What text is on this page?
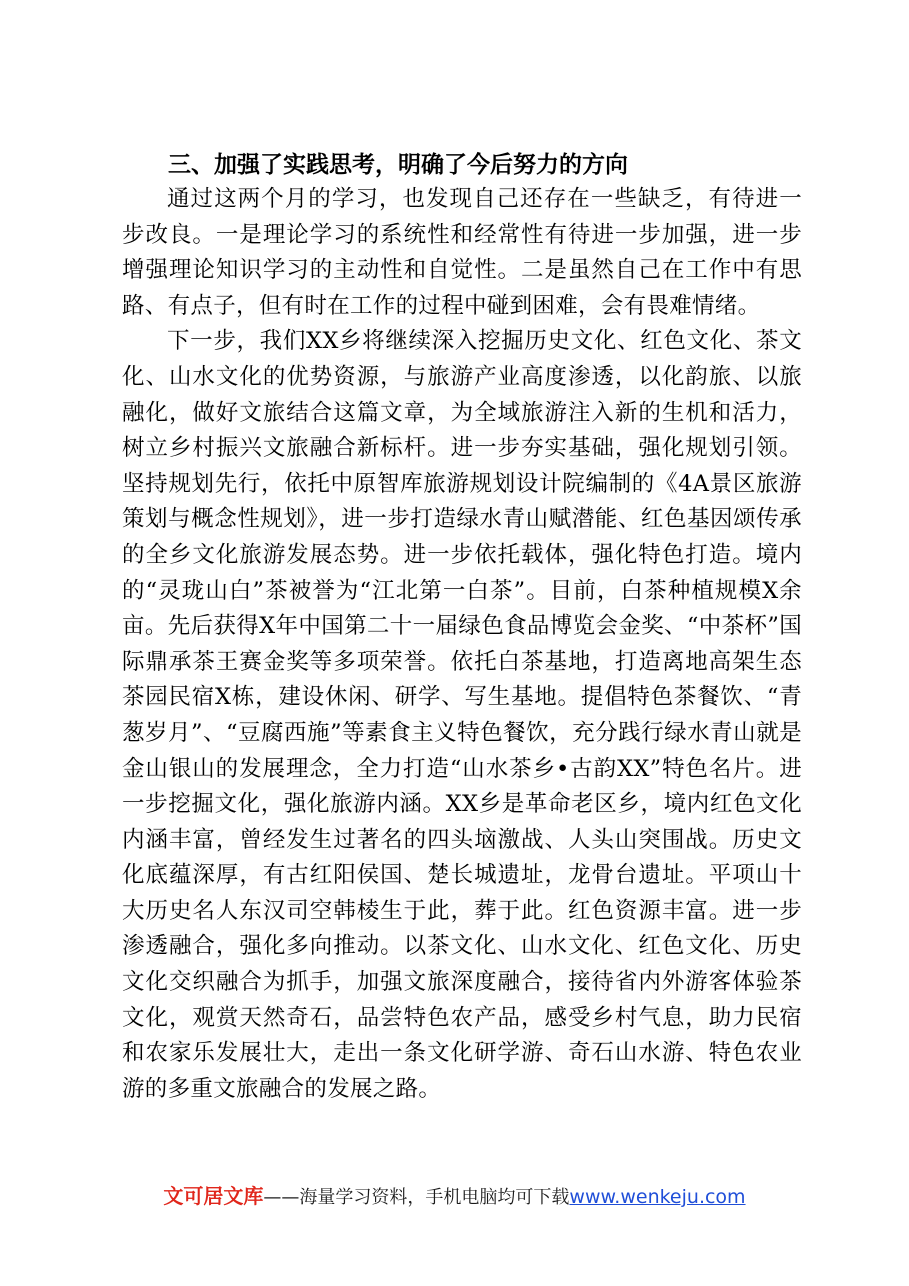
三、加强了实践思考，明确了今后努力的方向

通过这两个月的学习，也发现自己还存在一些缺乏，有待进一步改良。一是理论学习的系统性和经常性有待进一步加强，进一步增强理论知识学习的主动性和自觉性。二是虽然自己在工作中有思路、有点子，但有时在工作的过程中碰到困难，会有畏难情绪。

下一步，我们XX乡将继续深入挖掘历史文化、红色文化、茶文化、山水文化的优势资源，与旅游产业高度渗透，以化韵旅、以旅融化，做好文旅结合这篇文章，为全域旅游注入新的生机和活力，树立乡村振兴文旅融合新标杆。进一步夯实基础，强化规划引领。坚持规划先行，依托中原智库旅游规划设计院编制的《4A景区旅游策划与概念性规划》，进一步打造绿水青山赋潜能、红色基因颂传承的全乡文化旅游发展态势。进一步依托载体，强化特色打造。境内的“灵珑山白”茶被誉为“江北第一白茶”。目前，白茶种植规模X余亩。先后获得X年中国第二十一届绿色食品博览会金奖、“中茶杯”国际鼎承茶王赛金奖等多项荣誉。依托白茶基地，打造离地高架生态茶园民宿X栋，建设休闲、研学、写生基地。提倡特色茶餐饮、“青葱岁月”、“豆腐西施”等素食主义特色餐饮，充分践行绿水青山就是金山银山的发展理念，全力打造“山水茶乡•古韵XX”特色名片。进一步挖掘文化，强化旅游内涵。XX乡是革命老区乡，境内红色文化内涵丰富，曾经发生过著名的四头垴激战、人头山突围战。历史文化底蕴深厚，有古红阳侯国、楚长城遗址，龙骨台遗址。平项山十大历史名人东汉司空韩棱生于此，葬于此。红色资源丰富。进一步渗透融合，强化多向推动。以茶文化、山水文化、红色文化、历史文化交织融合为抓手，加强文旅深度融合，接待省内外游客体验茶文化，观赏天然奇石，品尝特色农产品，感受乡村气息，助力民宿和农家乐发展壮大，走出一条文化研学游、奇石山水游、特色农业游的多重文旅融合的发展之路。

文可居文库——海量学习资料，手机电脑均可下载www.wenkeju.com
